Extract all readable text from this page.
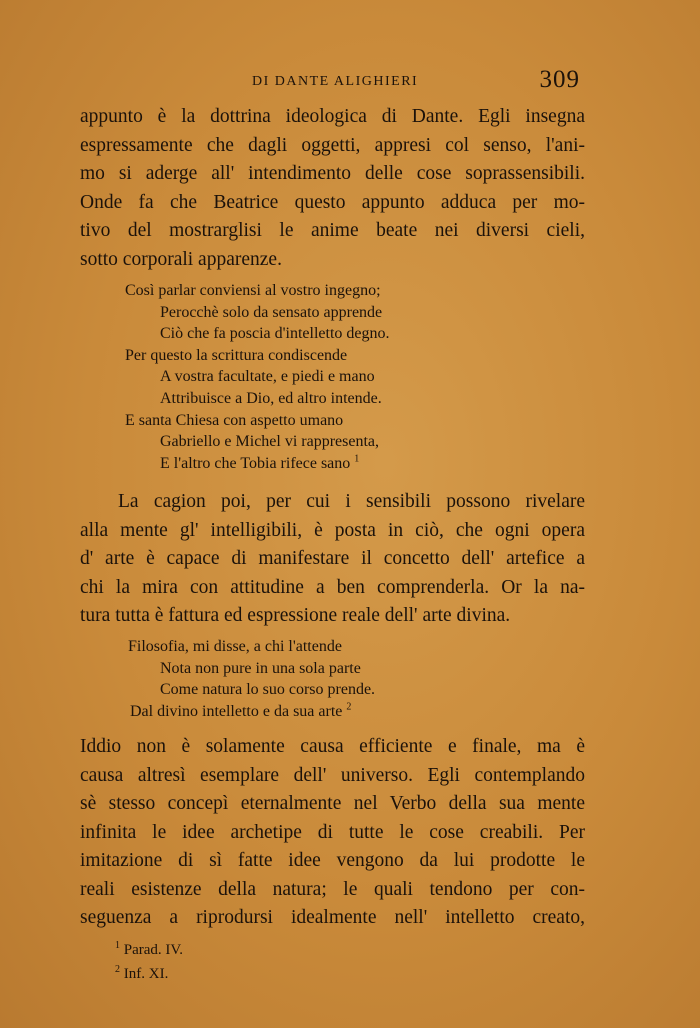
DI DANTE ALIGHIERI	309

appunto è la dottrina ideologica di Dante. Egli insegna
espressamente che dagli oggetti, appresi col senso, l'ani-
mo si aderge all' intendimento delle cose soprassensibili.
Onde fa che Beatrice questo appunto adduca per mo-
tivo del mostrarglisi le anime beate nei diversi cieli,
sotto corporali apparenze.

Così parlar conviensi al vostro ingegno;
Perocchè solo da sensato apprende
Ciò che fa poscia d'intelletto degno.
Per questo la scrittura condiscende
A vostra facultate, e piedi e mano
Attribuisce a Dio, ed altro intende.
E santa Chiesa con aspetto umano
Gabriello e Michel vi rappresenta,
E l'altro che Tobia rifece sano $^1$

La cagion poi, per cui i sensibili possono rivelare
alla mente gl' intelligibili, è posta in ciò, che ogni opera
d' arte è capace di manifestare il concetto dell' artefice a
chi la mira con attitudine a ben comprenderla. Or la na-
tura tutta è fattura ed espressione reale dell' arte divina.

Filosofia, mi disse, a chi l'attende
Nota non pure in una sola parte
Come natura lo suo corso prende.
Dal divino intelletto e da sua arte $^2$

Iddio non è solamente causa efficiente e finale, ma è
causa altresì esemplare dell' universo. Egli contemplando
sè stesso concepì eternalmente nel Verbo della sua mente
infinita le idee archetipe di tutte le cose creabili. Per
imitazione di sì fatte idee vengono da lui prodotte le
reali esistenze della natura; le quali tendono per con-
seguenza a riprodursi idealmente nell' intelletto creato,

$^1$ Parad. IV.
$^2$ Inf. XI.
